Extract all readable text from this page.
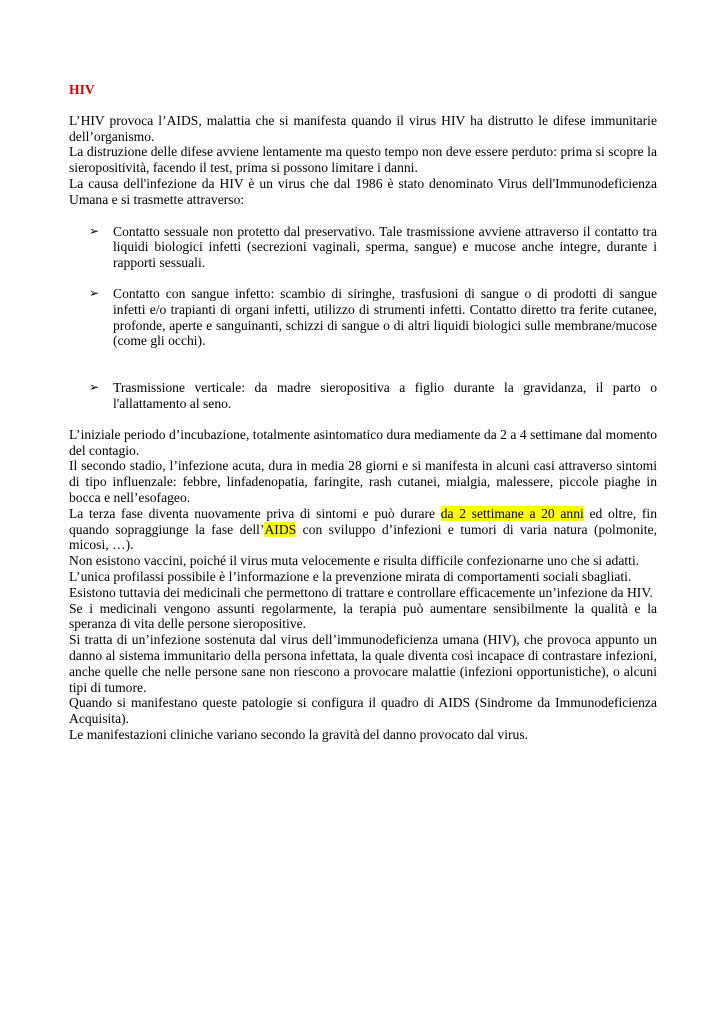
HIV

L’HIV provoca l’AIDS, malattia che si manifesta quando il virus HIV ha distrutto le difese immunitarie dell’organismo.

La distruzione delle difese avviene lentamente ma questo tempo non deve essere perduto: prima si scopre la sieropositività, facendo il test, prima si possono limitare i danni.

La causa dell'infezione da HIV è un virus che dal 1986 è stato denominato Virus dell'Immunodeficienza Umana e si trasmette attraverso:

➢ Contatto sessuale non protetto dal preservativo. Tale trasmissione avviene attraverso il contatto tra liquidi biologici infetti (secrezioni vaginali, sperma, sangue) e mucose anche integre, durante i rapporti sessuali.
➢ Contatto con sangue infetto: scambio di siringhe, trasfusioni di sangue o di prodotti di sangue infetti e/o trapianti di organi infetti, utilizzo di strumenti infetti. Contatto diretto tra ferite cutanee, profonde, aperte e sanguinanti, schizzi di sangue o di altri liquidi biologici sulle membrane/mucose (come gli occhi).
➢ Trasmissione verticale: da madre sieropositiva a figlio durante la gravidanza, il parto o l'allattamento al seno.

L’iniziale periodo d’incubazione, totalmente asintomatico dura mediamente da 2 a 4 settimane dal momento del contagio.

Il secondo stadio, l’infezione acuta, dura in media 28 giorni e si manifesta in alcuni casi attraverso sintomi di tipo influenzale: febbre, linfadenopatia, faringite, rash cutanei, mialgia, malessere, piccole piaghe in bocca e nell’esofageo.

La terza fase diventa nuovamente priva di sintomi e può durare da 2 settimane a 20 anni ed oltre, fin quando sopraggiunge la fase dell’AIDS con sviluppo d’infezioni e tumori di varia natura (polmonite, micosi, …).

Non esistono vaccini, poiché il virus muta velocemente e risulta difficile confezionarne uno che si adatti.

L’unica profilassi possibile è l’informazione e la prevenzione mirata di comportamenti sociali sbagliati.

Esistono tuttavia dei medicinali che permettono di trattare e controllare efficacemente un’infezione da HIV.

Se i medicinali vengono assunti regolarmente, la terapia può aumentare sensibilmente la qualità e la speranza di vita delle persone sieropositive.

Si tratta di un’infezione sostenuta dal virus dell’immunodeficienza umana (HIV), che provoca appunto un danno al sistema immunitario della persona infettata, la quale diventa così incapace di contrastare infezioni, anche quelle che nelle persone sane non riescono a provocare malattie (infezioni opportunistiche), o alcuni tipi di tumore.

Quando si manifestano queste patologie si configura il quadro di AIDS (Sindrome da Immunodeficienza Acquisita).

Le manifestazioni cliniche variano secondo la gravità del danno provocato dal virus.
